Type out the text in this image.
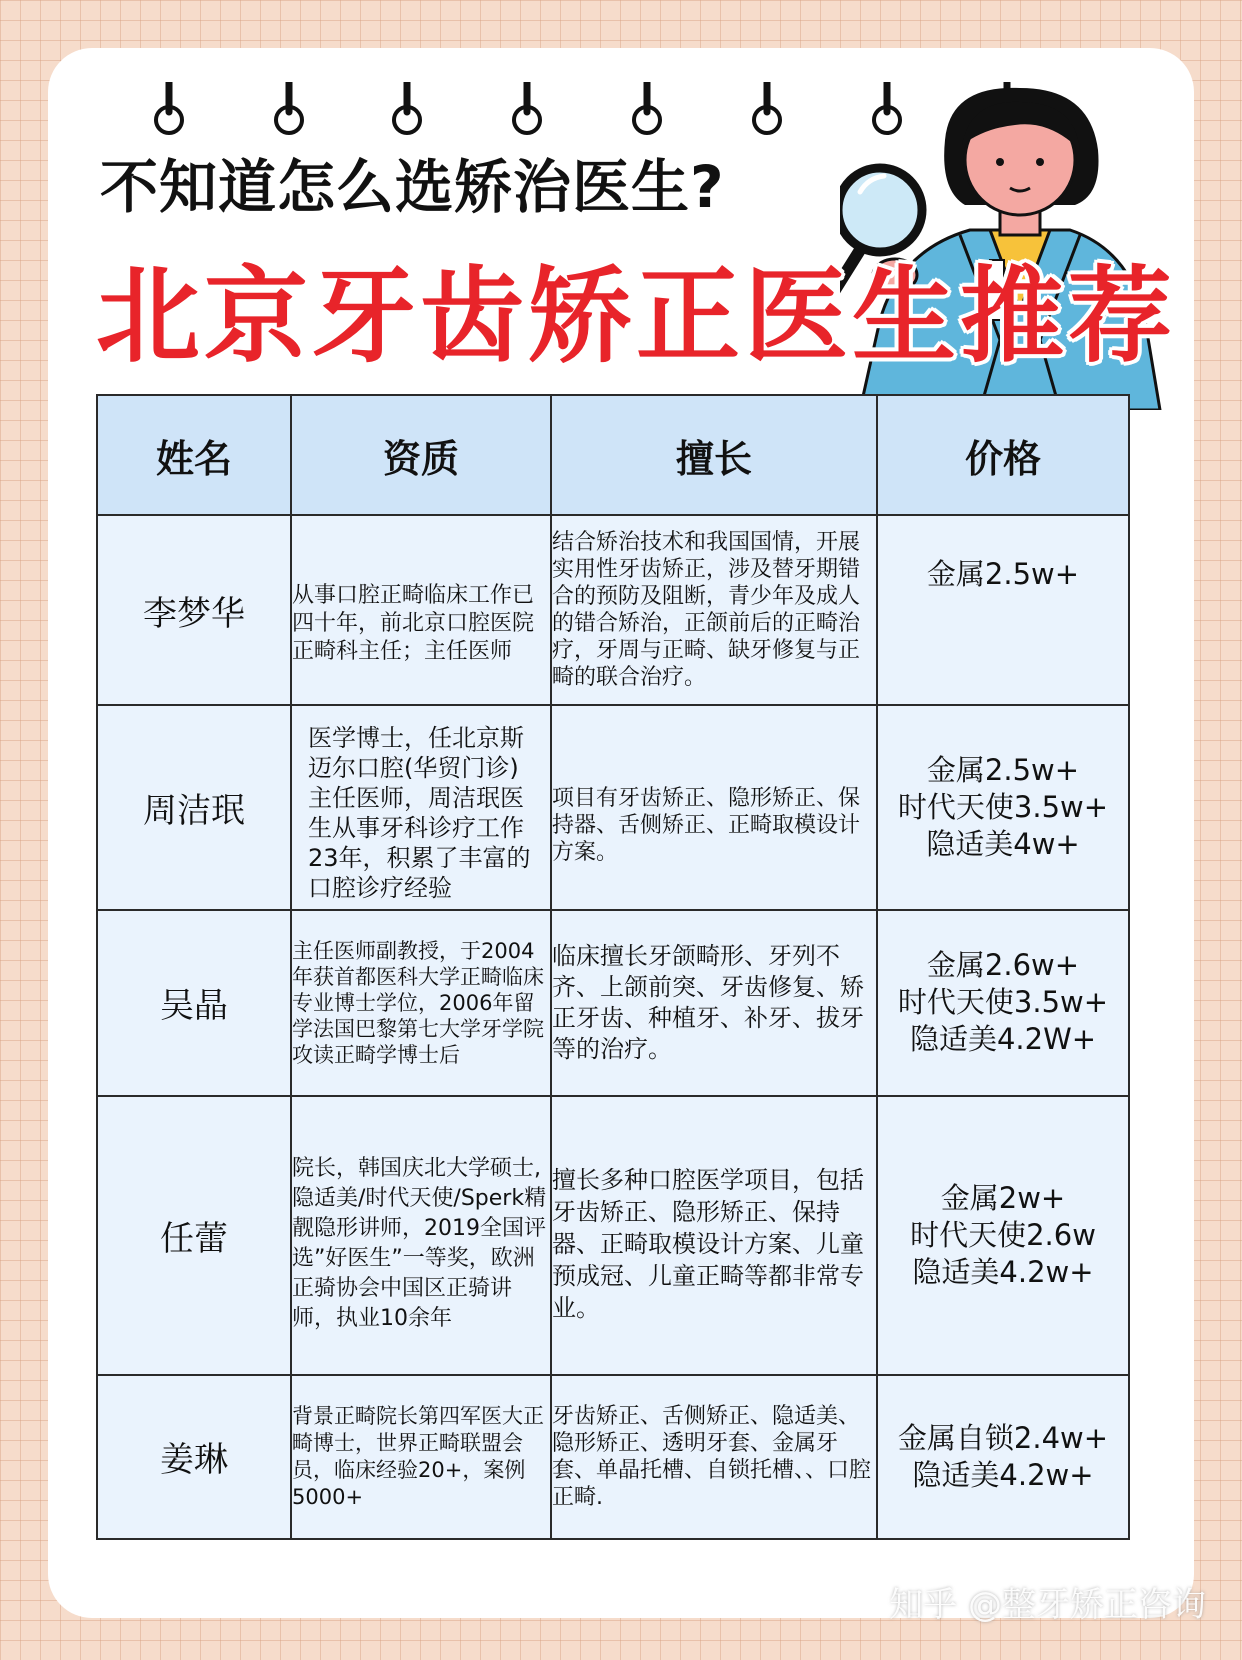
不知道怎么选矫治医生?
北京牙齿矫正医生推荐
姓名	资质	擅长	价格
李梦华	从事口腔正畸临床工作已四十年，前北京口腔医院正畸科主任；主任医师	结合矫治技术和我国国情，开展实用性牙齿矫正，涉及替牙期错合的预防及阻断，青少年及成人的错合矫治，正颌前后的正畸治疗，牙周与正畸、缺牙修复与正畸的联合治疗。	金属2.5w+

周洁珉	医学博士，任北京斯迈尔口腔(华贸门诊)主任医师，周洁珉医生从事牙科诊疗工作23年，积累了丰富的口腔诊疗经验	项目有牙齿矫正、隐形矫正、保持器、舌侧矫正、正畸取模设计方案。	金属2.5w+
时代天使3.5w+
隐适美4w+

吴晶	主任医师副教授，于2004年获首都医科大学正畸临床专业博士学位，2006年留学法国巴黎第七大学牙学院攻读正畸学博士后	临床擅长牙颌畸形、牙列不齐、上颌前突、牙齿修复、矫正牙齿、种植牙、补牙、拔牙等的治疗。	金属2.6w+
时代天使3.5w+
隐适美4.2W+

任蕾	院长，韩国庆北大学硕士,隐适美/时代天使/Sperk精靓隐形讲师，2019全国评选”好医生”一等奖，欧洲正骑协会中国区正骑讲师，执业10余年	擅长多种口腔医学项目，包括牙齿矫正、隐形矫正、保持器、正畸取模设计方案、儿童预成冠、儿童正畸等都非常专业。	金属2w+
时代天使2.6w
隐适美4.2w+

姜琳	背景正畸院长第四军医大正畸博士，世界正畸联盟会员，临床经验20+，案例5000+	牙齿矫正、舌侧矫正、隐适美、隐形矫正、透明牙套、金属牙套、单晶托槽、自锁托槽、、口腔正畸.	金属自锁2.4w+
隐适美4.2w+
知乎 @整牙矫正咨询
